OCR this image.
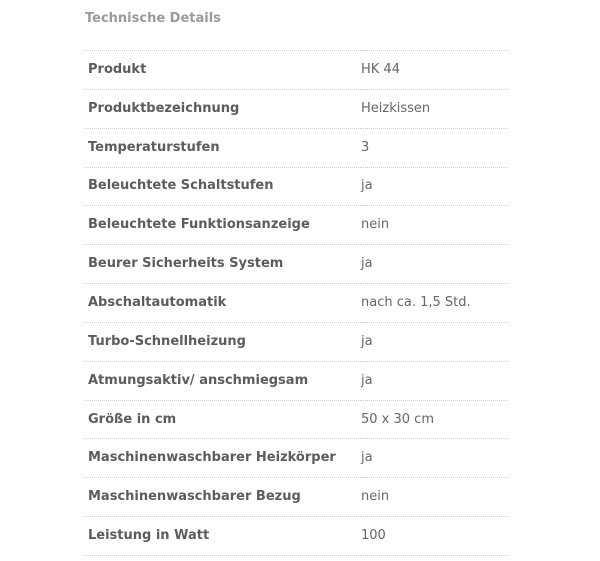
Technische Details
Produkt	HK 44
Produktbezeichnung	Heizkissen
Temperaturstufen	3
Beleuchtete Schaltstufen	ja
Beleuchtete Funktionsanzeige	nein
Beurer Sicherheits System	ja
Abschaltautomatik	nach ca. 1,5 Std.
Turbo-Schnellheizung	ja
Atmungsaktiv/ anschmiegsam	ja
Größe in cm	50 x 30 cm
Maschinenwaschbarer Heizkörper	ja
Maschinenwaschbarer Bezug	nein
Leistung in Watt	100
